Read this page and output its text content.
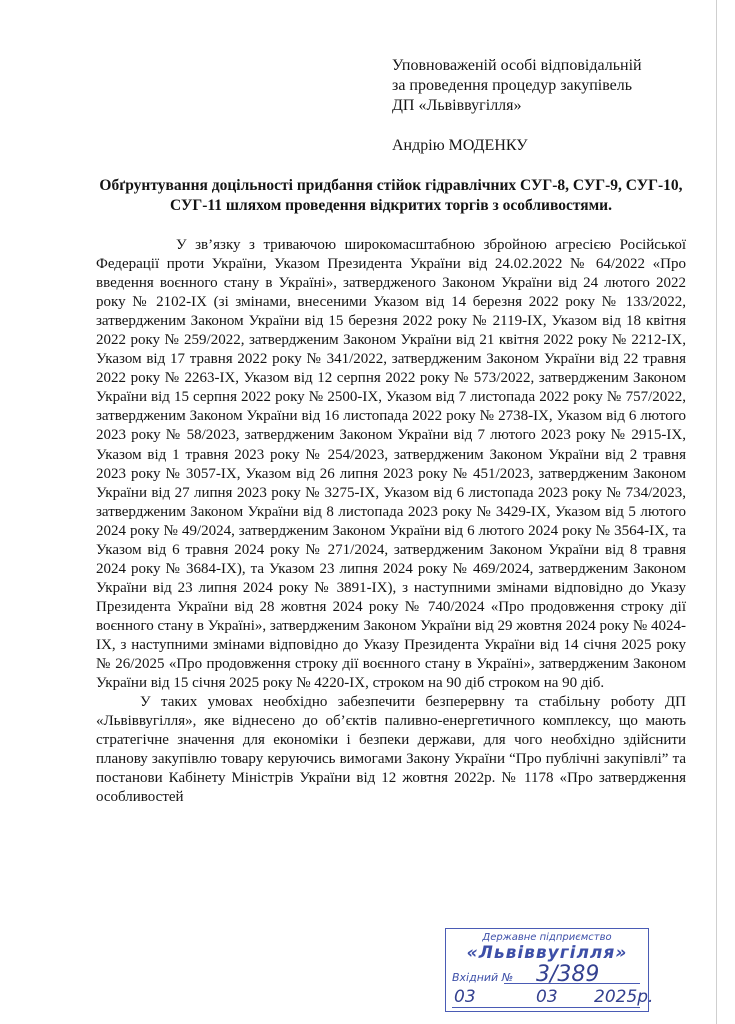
Уповноваженій особі відповідальній
за проведення процедур закупівель
ДП «Львіввугілля»
Андрію МОДЕНКУ
Обґрунтування доцільності придбання стійок гідравлічних СУГ-8, СУГ-9, СУГ-10, СУГ-11 шляхом проведення відкритих торгів з особливостями.

У зв’язку з триваючою широкомасштабною збройною агресією Російської Федерації проти України, Указом Президента України від 24.02.2022 № 64/2022 «Про введення воєнного стану в Україні», затвердженого Законом України від 24 лютого 2022 року № 2102-IX (зі змінами, внесеними Указом від 14 березня 2022 року № 133/2022, затвердженим Законом України від 15 березня 2022 року № 2119-IX, Указом від 18 квітня 2022 року № 259/2022, затвердженим Законом України від 21 квітня 2022 року № 2212-IX, Указом від 17 травня 2022 року № 341/2022, затвердженим Законом України від 22 травня 2022 року № 2263-IX, Указом від 12 серпня 2022 року № 573/2022, затвердженим Законом України від 15 серпня 2022 року № 2500-IX, Указом від 7 листопада 2022 року № 757/2022, затвердженим Законом України від 16 листопада 2022 року № 2738-IX, Указом від 6 лютого 2023 року № 58/2023, затвердженим Законом України від 7 лютого 2023 року № 2915-IX, Указом від 1 травня 2023 року № 254/2023, затвердженим Законом України від 2 травня 2023 року № 3057-IX, Указом від 26 липня 2023 року № 451/2023, затвердженим Законом України від 27 липня 2023 року № 3275-IX, Указом від 6 листопада 2023 року № 734/2023, затвердженим Законом України від 8 листопада 2023 року № 3429-IX, Указом від 5 лютого 2024 року № 49/2024, затвердженим Законом України від 6 лютого 2024 року № 3564-IX, та Указом від 6 травня 2024 року № 271/2024, затвердженим Законом України від 8 травня 2024 року № 3684-IX), та Указом 23 липня 2024 року № 469/2024, затвердженим Законом України від 23 липня 2024 року № 3891-IX), з наступними змінами відповідно до Указу Президента України від 28 жовтня 2024 року № 740/2024 «Про продовження строку дії воєнного стану в Україні», затвердженим Законом України від 29 жовтня 2024 року № 4024-IX, з наступними змінами відповідно до Указу Президента України від 14 січня 2025 року № 26/2025 «Про продовження строку дії воєнного стану в Україні», затвердженим Законом України від 15 січня 2025 року № 4220-IX, строком на 90 діб строком на 90 діб.

У таких умовах необхідно забезпечити безперервну та стабільну роботу ДП «Львіввугілля», яке віднесено до об’єктів паливно-енергетичного комплексу, що мають стратегічне значення для економіки і безпеки держави, для чого необхідно здійснити планову закупівлю товару керуючись вимогами Закону України “Про публічні закупівлі” та постанови Кабінету Міністрів України від 12 жовтня 2022р. № 1178 «Про затвердження особливостей

Державне підприємство
«Львіввугілля»
Вхідний № 3/389
03	03 2025р.
